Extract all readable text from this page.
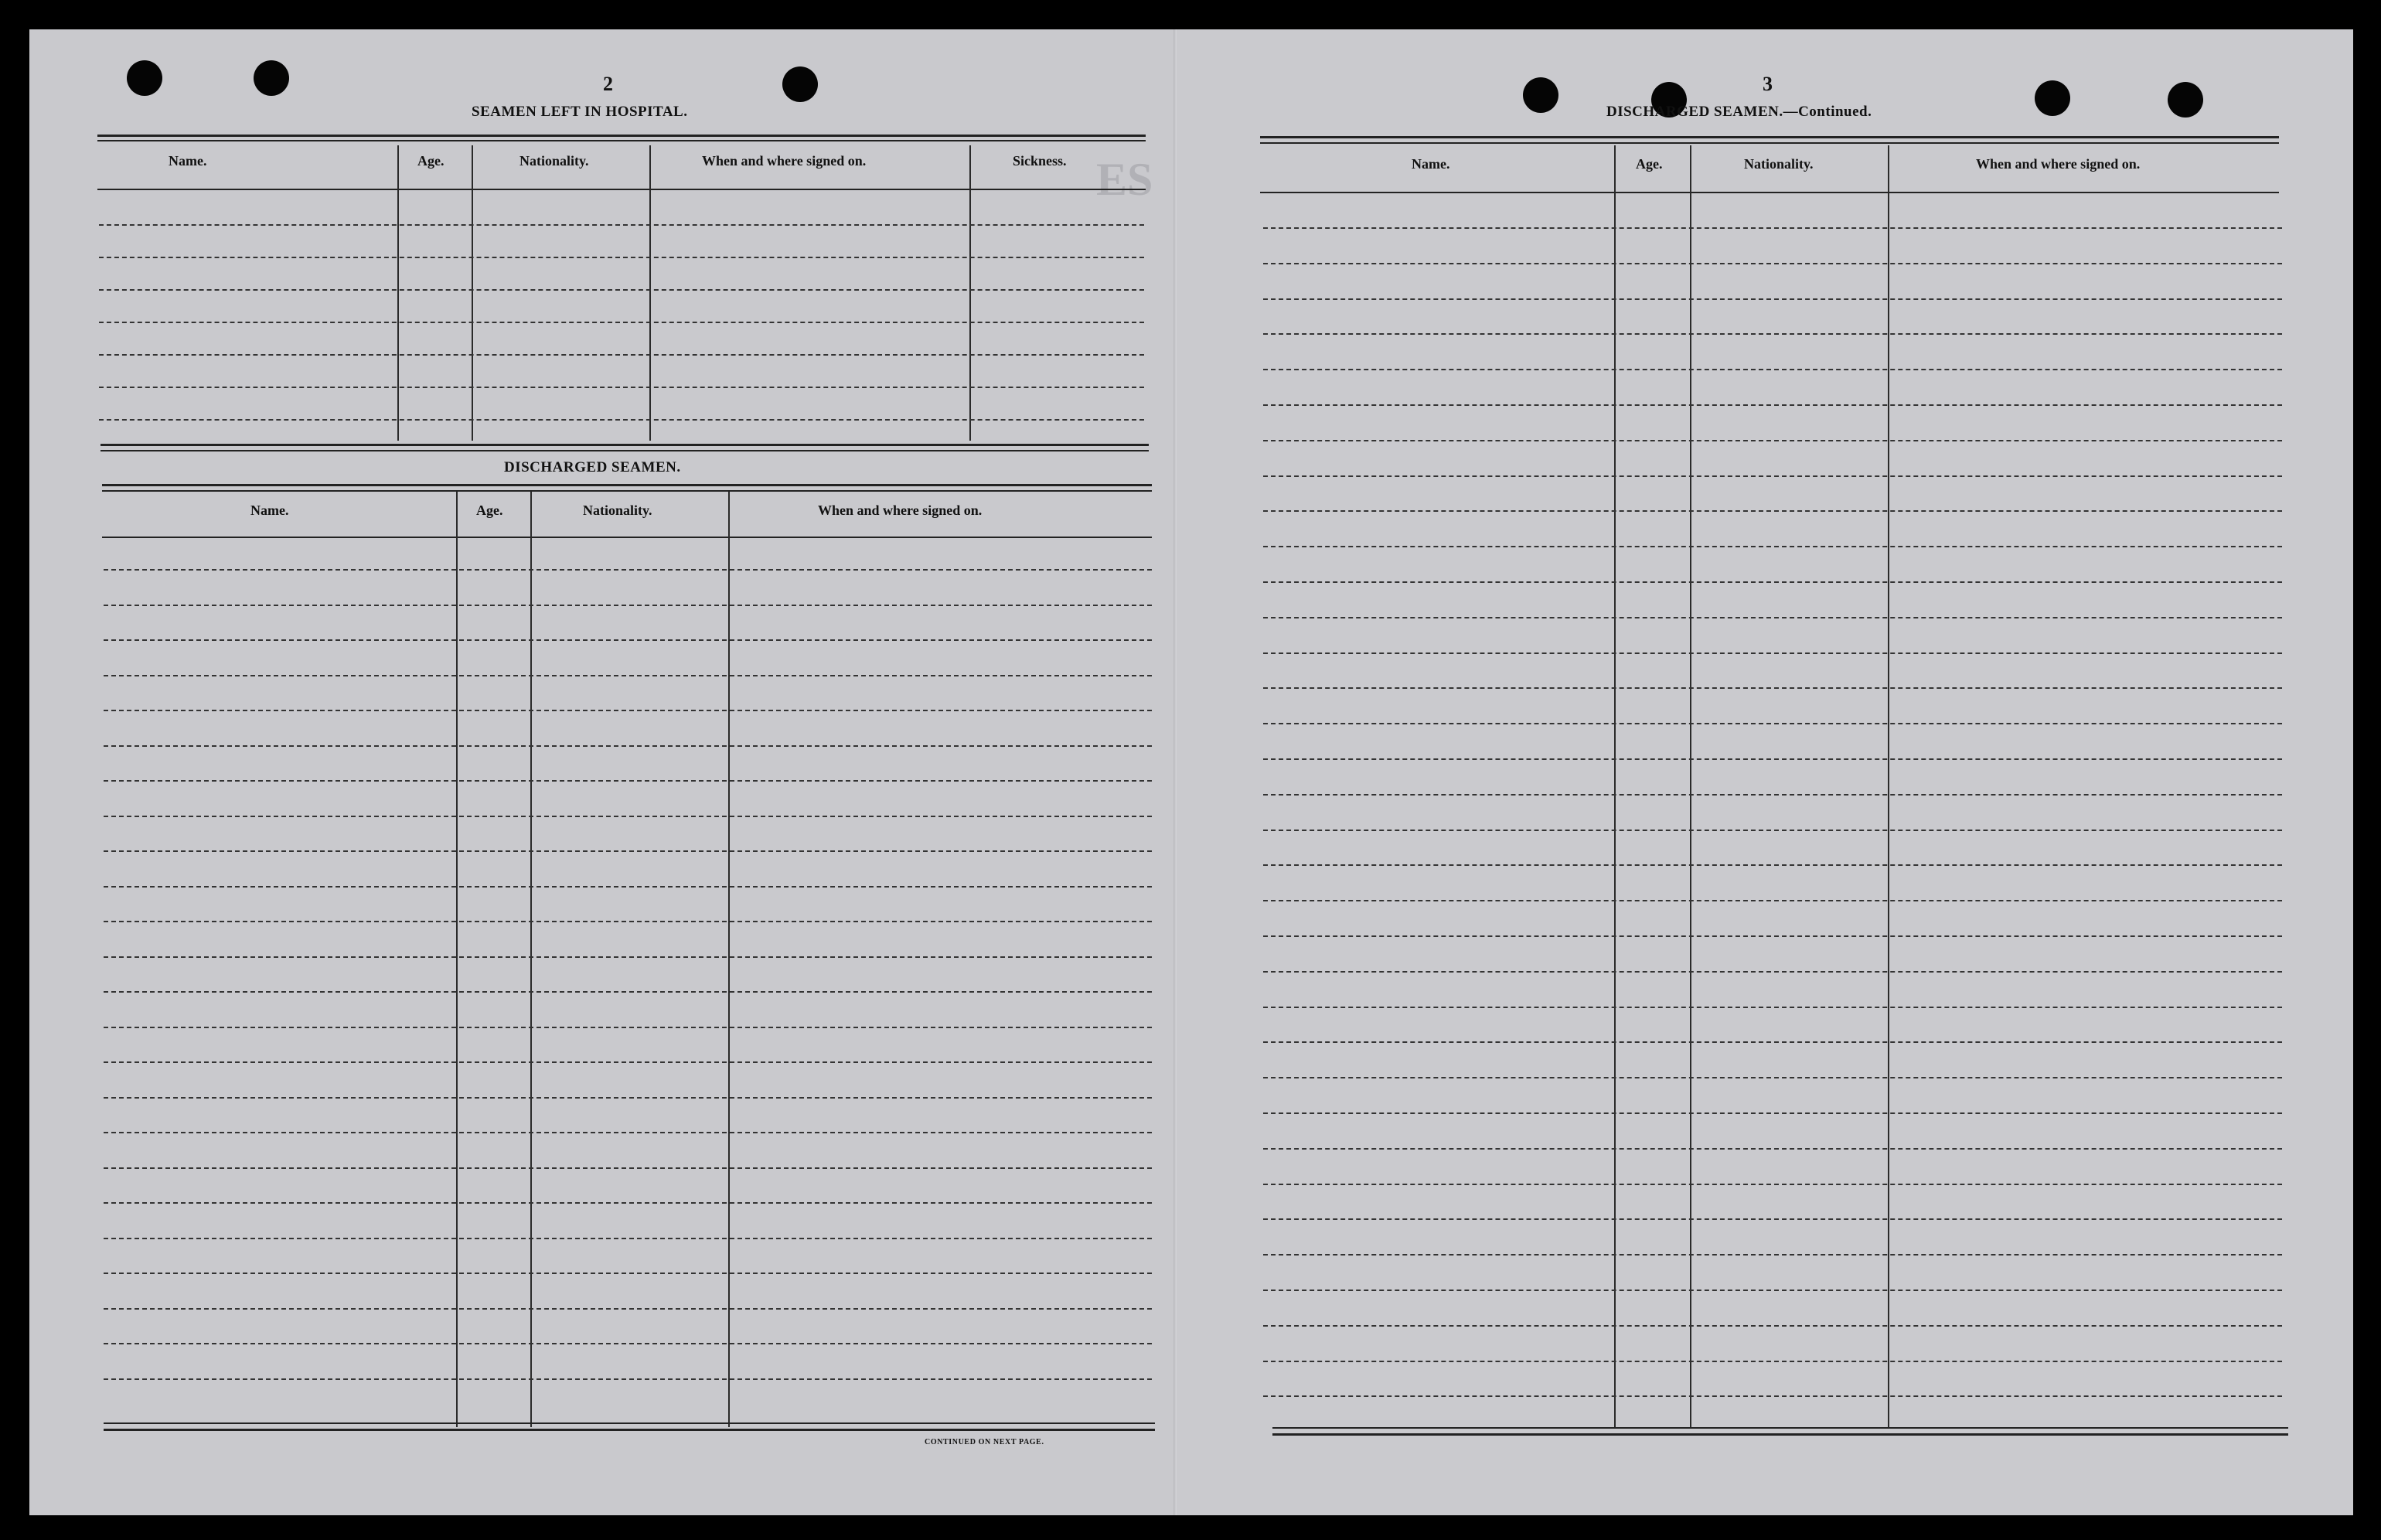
ES
2
SEAMEN LEFT IN HOSPITAL.
Name.	Age.	Nationality.	When and where signed on.	Sickness.
DISCHARGED SEAMEN.
Name.	Age.	Nationality.	When and where signed on.
CONTINUED ON NEXT PAGE.
3
DISCHARGED SEAMEN.—Continued.
Name.	Age.	Nationality.	When and where signed on.
